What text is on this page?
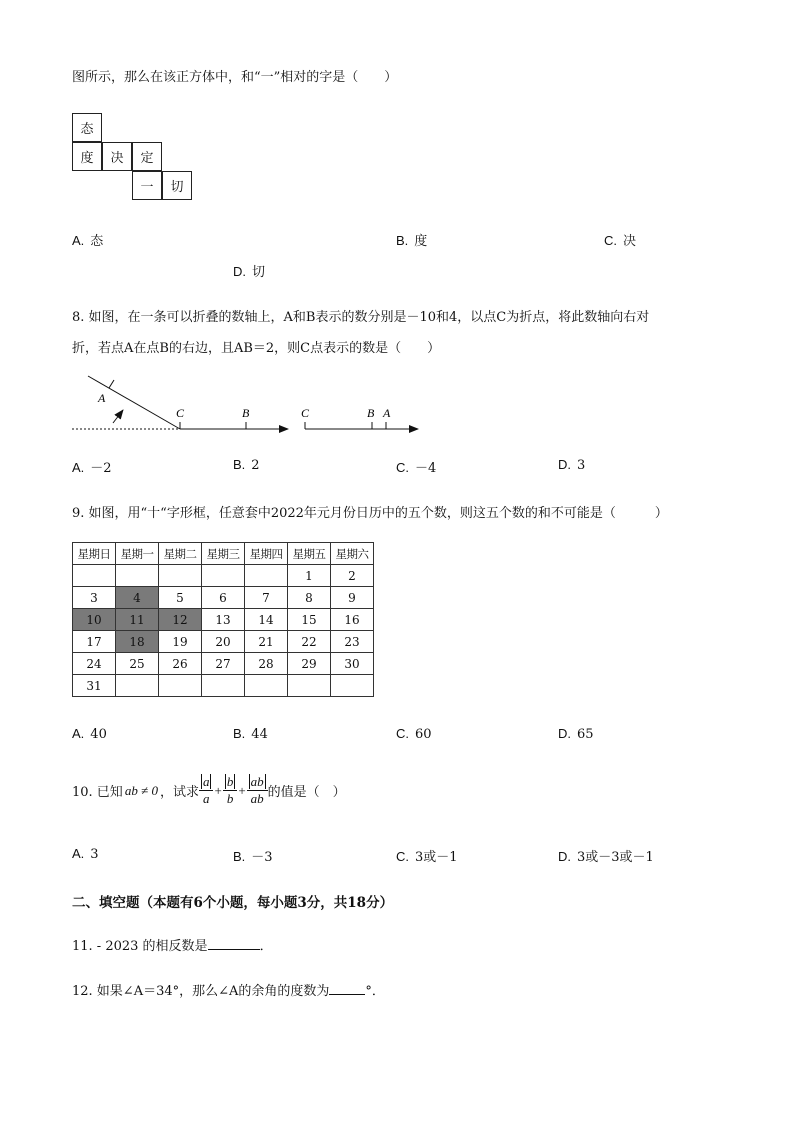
图所示，那么在该正方体中，和“一”相对的字是（　　）
态
度	决	定
一	切
A. 态	B. 度	C. 决
D. 切
8. 如图，在一条可以折叠的数轴上，A和B表示的数分别是－10和4，以点C为折点，将此数轴向右对
折，若点A在点B的右边，且AB＝2，则C点表示的数是（　　）
A
C	B	C	B A
A. －2	B. 2	C. －4	D. 3
9. 如图，用“十“字形框，任意套中2022年元月份日历中的五个数，则这五个数的和不可能是（　　　）
星期日	星期一	星期二	星期三	星期四	星期五	星期六
					1	2
3	4	5	6	7	8	9
10	11	12	13	14	15	16
17	18	19	20	21	22	23
24	25	26	27	28	29	30
31						
A. 40	B. 44	C. 60	D. 65
10. 已知 ab ≠ 0 ，试求 $\frac{a}{a} + \frac{b}{b} + \frac{ab}{ab}$ 的值是（　）
A. 3	B. －3	C. 3或－1	D. 3或－3或－1
二、填空题（本题有6个小题，每小题3分，共18分）
11. - 2023 的相反数是	．
12. 如果∠A＝34°，那么∠A的余角的度数为	°．
